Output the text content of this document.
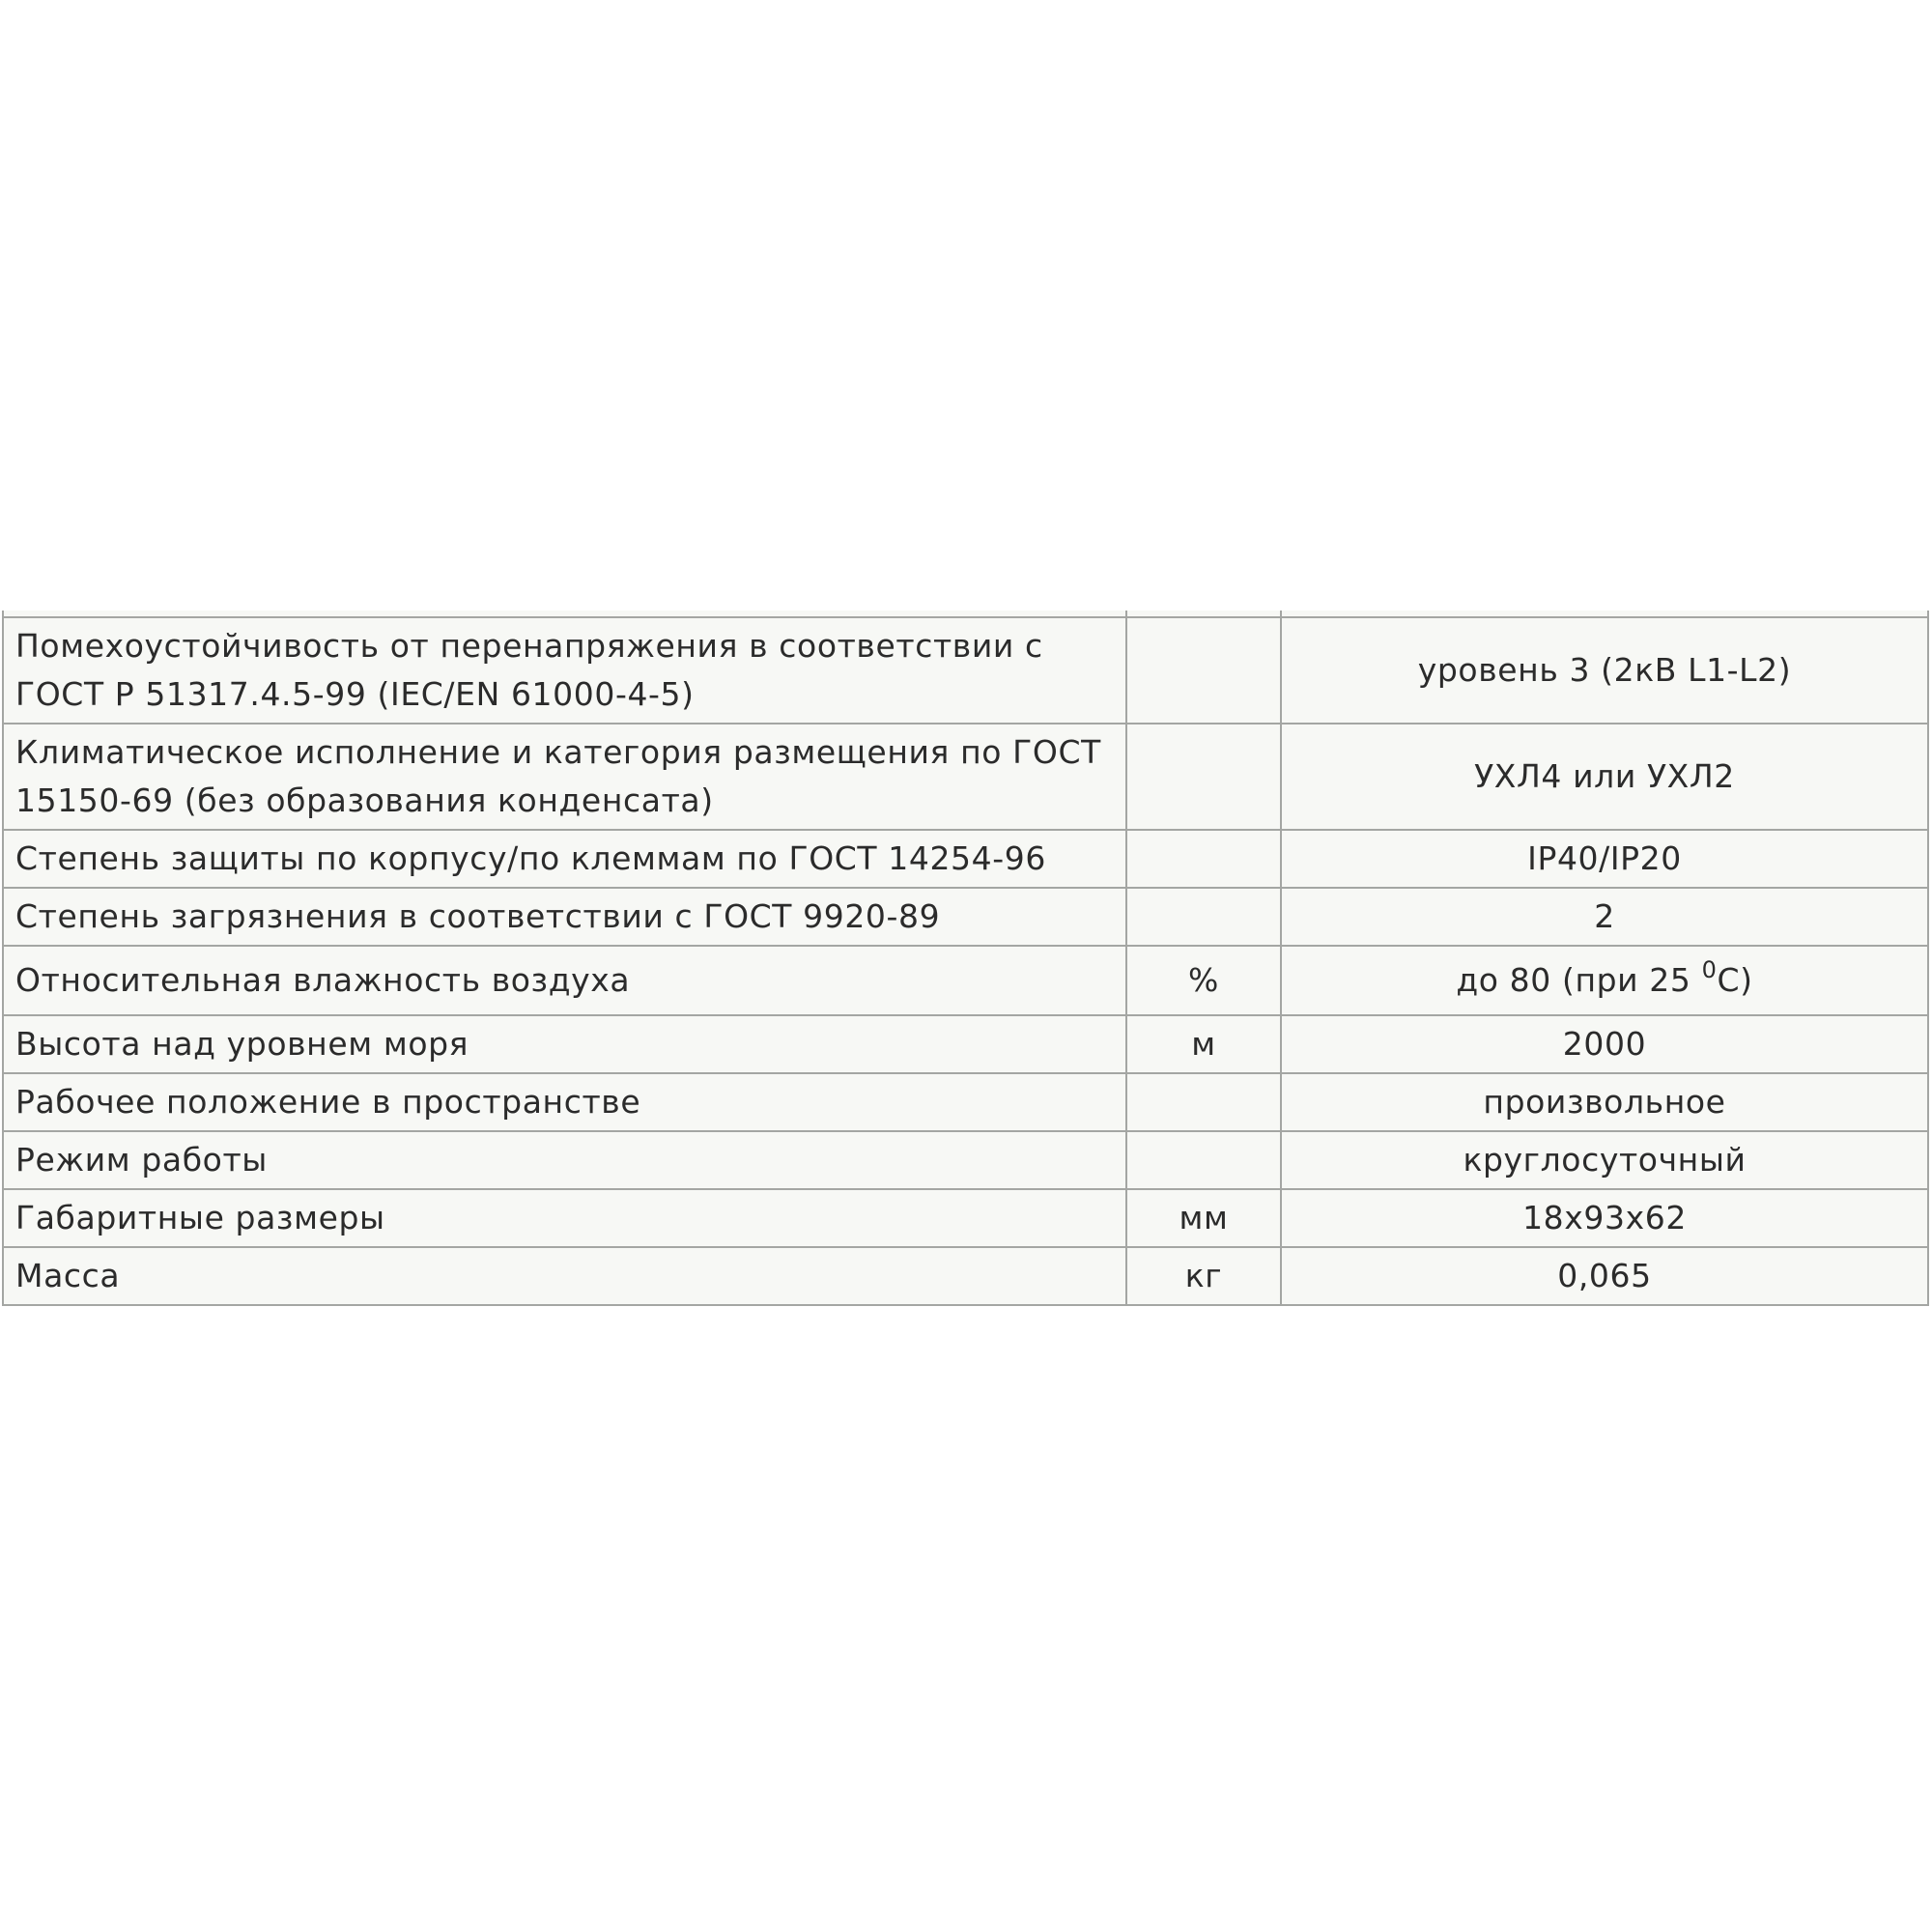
Помехоустойчивость от перенапряжения в соответствии с ГОСТ Р 51317.4.5-99 (IEC/EN 61000-4-5)		уровень 3 (2кВ L1-L2)
Климатическое исполнение и категория размещения по ГОСТ 15150-69 (без образования конденсата)		УХЛ4 или УХЛ2
Степень защиты по корпусу/по клеммам по ГОСТ 14254-96		IP40/IP20
Степень загрязнения в соответствии с ГОСТ 9920-89		2
Относительная влажность воздуха	%	до 80 (при 25 $^0$С)
Высота над уровнем моря	м	2000
Рабочее положение в пространстве		произвольное
Режим работы		круглосуточный
Габаритные размеры	мм	18х93х62
Масса	кг	0,065
